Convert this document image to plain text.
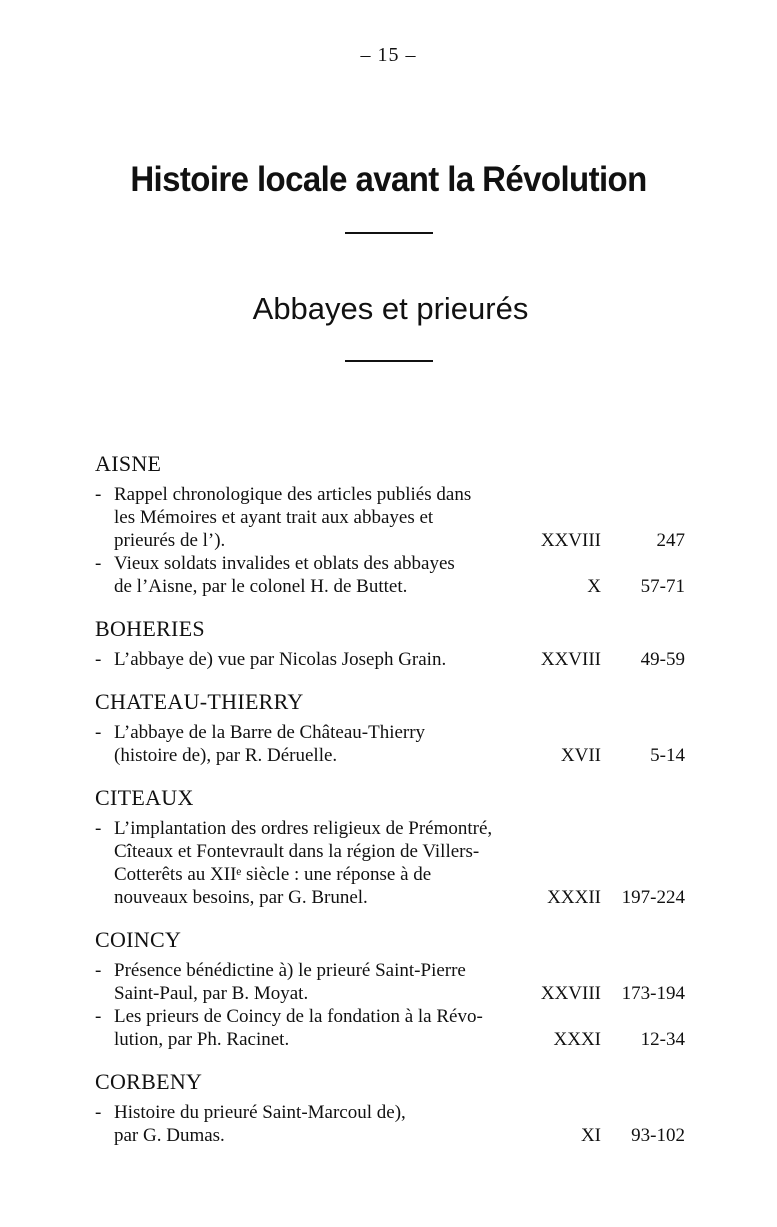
– 15 –
Histoire locale avant la Révolution
Abbayes et prieurés
AISNE
- Rappel chronologique des articles publiés dans
les Mémoires et ayant trait aux abbayes et
prieurés de l’).	XXVIII	247
- Vieux soldats invalides et oblats des abbayes
de l’Aisne, par le colonel H. de Buttet.	X 57-71
BOHERIES
- L’abbaye de) vue par Nicolas Joseph Grain.	XXVIII 49-59
CHATEAU-THIERRY
- L’abbaye de la Barre de Château-Thierry
(histoire de), par R. Déruelle.	XVII	5-14
CITEAUX
- L’implantation des ordres religieux de Prémontré,
Cîteaux et Fontevrault dans la région de Villers-
Cotterêts au XIIᵉ siècle : une réponse à de
nouveaux besoins, par G. Brunel.	XXXII 197-224
COINCY
- Présence bénédictine à) le prieuré Saint-Pierre
Saint-Paul, par B. Moyat.	XXVIII 173-194
- Les prieurs de Coincy de la fondation à la Révo-
lution, par Ph. Racinet.	XXXI 12-34
CORBENY
- Histoire du prieuré Saint-Marcoul de),
par G. Dumas.	XI 93-102
